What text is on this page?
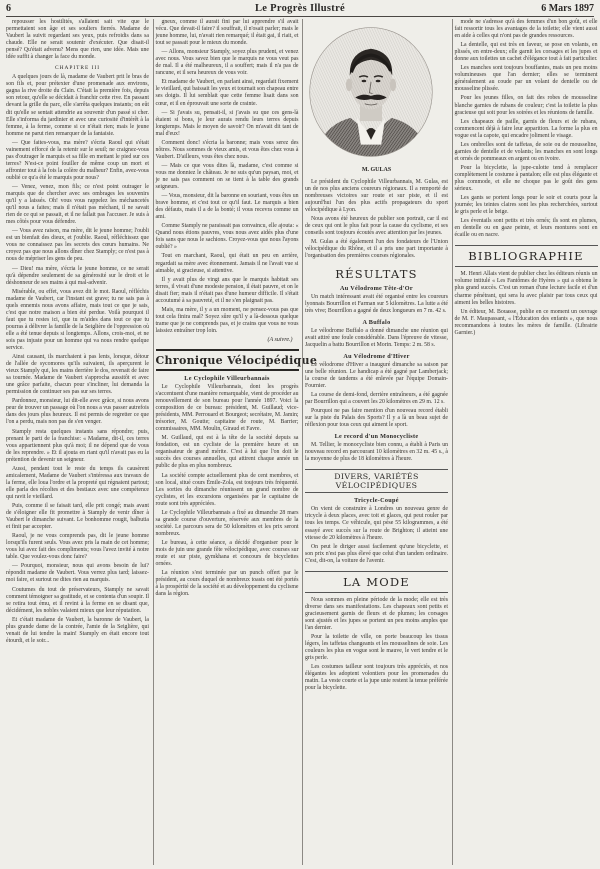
6	Le Progrès Illustré	6 Mars 1897

repousser les hostilités, s'allaient sait vite que le permettaient son âge et ses souliers fierrés. Madame de Vaubert la suivit regardant ses yeux, puis refroidis dans sa chaude. Elle ne serait soutenir d'exécuter. Que disait-il pensé? Qu'était advenu? Mens que rien, une idée. Mais une idée suffit à changer la face du monde.

CHAPITRE III

A quelques jours de là, madame de Vaubert prit le bras de son fils et, pour prétexter d'une promenade aux environs, gagna la rive droite du Clain. C'était la première fois, depuis son retour, qu'elle se décidait à franchir cette rive. En passant devant la grille du parc, elle s'arrêta quelques instants; on eût dit qu'elle se sentait attendrie au souvenir d'un passé si cher. Elle s'informa du jardinier et avec une curiosité d'intérêt à la femme, à la ferme, comme si ce n'était rien; mais le jeune homme ne parut rien remarquer de la fantaisie.

— Que faites-vous, ma mère? s'écria Raoul qui s'était vainement efforcé de la retenir sur le seuil; ne craignez-vous pas d'outrager le marquis et sa fille en mettant le pied sur ces terres? N'est-ce point fouiller de même coup un mort et affronter tout à la fois la colère du malheur? Enfin, avez-vous oublié ce qu'a été le marquis pour nous?

— Venez, venez, mon fils; ce n'est point outrager le marquis que de chercher avec ses ombrages les souvenirs qu'il y a laissés. Oh! vous vous rappelez les méchancetés qu'il nous a faites; mais il n'était pas méchant, il ne savait rien de ce qui se passait, et il ne fallait pas l'accuser. Je suis à mes côtés pour vous défendre.

— Vous avez raison, ma mère, dit le jeune homme; l'oubli est un bienfait des dieux, et j'oublie. Raoul, réfléchissez que vous ne connaissez pas les secrets des cœurs humains. Ne croyez pas que nous allons dîner chez Stamply; ce n'est pas à nous de mépriser les gens de peu.

— Dieu! ma mère, s'écria le jeune homme, ce ne serait qu'à dépendre seulement de sa générosité sur le droit et le déshonneur de ses mains à qui mal-advenir.

Misérable, ou effet, vous avez dit le mot. Raoul, réfléchis madame de Vaubert, car l'instant est grave; tu ne sais pas à quels ennemis nous avons affaire, mais tout ce que je sais, c'est que notre maison a bien été perdue. Voilà pourquoi il faut que tu restes ici, que tu m'aides dans tout ce que tu pourras à délivrer la famille de la Seiglière de l'oppression où elle a été tenue depuis si longtemps. Allons, crois-moi, et ne sois pas injuste pour un homme qui va nous rendre quelque service.

Ainsi causant, ils marchaient à pas lents, lorsque, détour de l'allée de sycomores qu'ils suivaient, ils aperçurent le vieux Stamply qui, les mains derrière le dos, revenait de faire sa tournée. Madame de Vaubert s'approcha aussitôt et avec une grâce parfaite, chacun pour s'incliner, lui demanda la permission de continuer ses pas sur ses terres.

Pardonnez, monsieur, lui dit-elle avec grâce, si nous avons peur de trouver un passage où l'on nous a vus passer autrefois dans des jours plus heureux. Il est permis de regretter ce que l'on a perdu, mais non pas de s'en venger.

Stamply resta quelques instants sans répondre; puis, prenant le parti de la franchise: « Madame, dit-il, ces terres vous appartiennent plus qu'à moi; il ne dépend que de vous de les reprendre. » Et il ajouta en riant qu'il n'avait pas eu la prétention de devenir un seigneur.

Aussi, pendant tout le reste du temps ils causèrent amicalement, Madame de Vaubert s'intéressa aux travaux de la ferme, elle loua l'ordre et la propreté qui régnaient partout; elle parla des récoltes et des bestiaux avec une compétence qui ravit le vieillard.

Puis, comme il se faisait tard, elle prit congé; mais avant de s'éloigner elle fit promettre à Stamply de venir dîner à Vaubert le dimanche suivant. Le bonhomme rougit, balbutia et finit par accepter.

Raoul, je ne vous comprends pas, dit le jeune homme lorsqu'ils furent seuls. Vous avez pris la main de cet homme; vous lui avez fait des compliments; vous l'avez invité à notre table. Que voulez-vous donc faire?

— Pourquoi, monsieur, nous qui avons besoin de lui? répondit madame de Vaubert. Vous verrez plus tard; laissez-moi faire, et surtout ne dites rien au marquis.

Coutumes du tout de préservateurs, Stamply ne savait comment témoigner sa gratitude, et se contenta d'un soupir. Il se retira tout ému, et il revint à la ferme en se disant que, décidément, les nobles valaient mieux que leur réputation.

Et c'était madame de Vaubert, la baronne de Vaubert, la plus grande dame de la contrée, l'amie de la Seiglière, qui venait de lui tendre la main! Stamply en était encore tout étourdi, et le soir...

gneux, comme il aurait fini par lui apprendre s'il avait vécu. Que devait-il faire? il souffrait, il n'osait parler; mais le jeune homme, lui, n'avait rien remarqué; il était gai, il riait, et tout se passait pour le mieux du monde.

— Allons, monsieur Stamply, soyez plus prudent, et venez avec nous. Vous savez bien que le marquis ne vous veut pas de mal. Il a été malheureux, il a souffert; mais il n'a pas de rancune, et il sera heureux de vous voir.

Et madame de Vaubert, en parlant ainsi, regardait fixement le vieillard, qui baissait les yeux et tournait son chapeau entre ses doigts. Il lui semblait que cette femme lisait dans son cœur, et il en éprouvait une sorte de crainte.

— Si j'avais su, pensait-il, si j'avais su que ces gens-là étaient si bons, je leur aurais rendu leurs terres depuis longtemps. Mais le moyen de savoir? On m'avait dit tant de mal d'eux!

Comment donc! s'écria la baronne; mais vous serez des nôtres. Nous sommes de vieux amis, et vous êtes chez vous à Vaubert. D'ailleurs, vous êtes chez nous.

— Mais ce que vous dites là, madame, c'est comme si vous me donniez le château. Je ne suis qu'un paysan, moi, et je ne sais pas comment on se tient à la table des grands seigneurs.

— Vous, monsieur, dit la baronne en souriant, vous êtes un brave homme, et c'est tout ce qu'il faut. Le marquis a bien des défauts, mais il a de la bonté; il vous recevra comme un ami.

Comme Stamply ne paraissait pas convaincu, elle ajouta: « Quand nous étions pauvres, vous nous avez aidés plus d'une fois sans que nous le sachions. Croyez-vous que nous l'ayons oublié? »

Tout en marchant, Raoul, qui était un peu en arrière, regardait sa mère avec étonnement. Jamais il ne l'avait vue si aimable, si gracieuse, si attentive.

Il y avait plus de vingt ans que le marquis habitait ses terres, il vivait d'une modeste pension, il était pauvre, et on le disait fier; mais il n'était pas d'une humeur difficile. Il s'était accoutumé à sa pauvreté, et il ne s'en plaignait pas.

Mais, ma mère, il y a un moment, ne pensez-vous pas que tout cela finira mal? Soyez sûre qu'il y a là-dessous quelque trame que je ne comprends pas, et je crains que vous ne vous laissiez entraîner trop loin.

(A suivre.)
Chronique Vélocipédique
Le Cyclophile Villeurbannais

Le Cyclophile Villeurbannais, dont les progrès s'accentuent d'une manière remarquable, vient de procéder au renouvellement de son bureau pour l'année 1897. Voici la composition de ce bureau: président, M. Guillaud; vice-présidents, MM. Perrouard et Bourgeot; secrétaire, M. Jamin; trésorier, M. Goutte; capitaine de route, M. Barrier; commissaires, MM. Moulin, Giraud et Favre.

M. Guillaud, qui est à la tête de la société depuis sa fondation, est un cycliste de la première heure et un organisateur de grand mérite. C'est à lui que l'on doit le succès des courses annuelles, qui attirent chaque année un public de plus en plus nombreux.

La société compte actuellement plus de cent membres, et son local, situé cours Émile-Zola, est toujours très fréquenté. Les sorties du dimanche réunissent un grand nombre de cyclistes, et les excursions organisées par le capitaine de route sont très appréciées.

Le Cyclophile Villeurbannais a fixé au dimanche 28 mars sa grande course d'ouverture, réservée aux membres de la société. Le parcours sera de 50 kilomètres et les prix seront nombreux.

Le bureau, à cette séance, a décidé d'organiser pour le mois de juin une grande fête vélocipédique, avec courses sur route et sur piste, gymkhana et concours de bicyclettes ornées.

La réunion s'est terminée par un punch offert par le président, au cours duquel de nombreux toasts ont été portés à la prospérité de la société et au développement du cyclisme dans la région.

M. GULAS

Le président du Cyclophile Villeurbannais, M. Gulas, est un de nos plus anciens coureurs régionaux. Il a remporté de nombreuses victoires sur route et sur piste, et il est aujourd'hui l'un des plus actifs propagateurs du sport vélocipédique à Lyon.

Nous avons été heureux de publier son portrait, car il est de ceux qui ont le plus fait pour la cause du cyclisme, et ses conseils sont toujours écoutés avec attention par les jeunes.

M. Gulas a été également l'un des fondateurs de l'Union vélocipédique du Rhône, et il a pris une part importante à l'organisation des premières courses régionales.

RÉSULTATS
Au Vélodrome Tête-d'Or

Un match intéressant avait été organisé entre les coureurs lyonnais Bourrillon et Farman sur 5 kilomètres. La lutte a été très vive; Bourrillon a gagné de deux longueurs en 7 m. 42 s.

A Buffalo

Le vélodrome Buffalo a donné dimanche une réunion qui avait attiré une foule considérable. Dans l'épreuve de vitesse, Jacquelin a battu Bourrillon et Morin. Temps: 2 m. 58 s.

Au Vélodrome d'Hiver

Le vélodrome d'Hiver a inauguré dimanche sa saison par une belle réunion. Le handicap a été gagné par Lamberjack; la course de tandems a été enlevée par l'équipe Domain-Fournier.

La course de demi-fond, derrière entraîneurs, a été gagnée par Bourrillon qui a couvert les 20 kilomètres en 29 m. 12 s.

Pourquoi ne pas faire mention d'un nouveau record établi sur la piste du Palais des Sports? Il y a là un beau sujet de réflexion pour tous ceux qui aiment le sport.

Le record d'un Monocycliste

M. Tellier, le monocycliste bien connu, a établi à Paris un nouveau record en parcourant 10 kilomètres en 32 m. 45 s., à la moyenne de plus de 18 kilomètres à l'heure.

DIVERS, VARIÉTÉS VÉLOCIPÉDIQUES
Tricycle-Coupé

On vient de construire à Londres un nouveau genre de tricycle à deux places, avec toit et glaces, qui peut rouler par tous les temps. Ce véhicule, qui pèse 55 kilogrammes, a été essayé avec succès sur la route de Brighton; il atteint une vitesse de 20 kilomètres à l'heure.

On peut le diriger aussi facilement qu'une bicyclette, et son prix n'est pas plus élevé que celui d'un tandem ordinaire. C'est, dit-on, la voiture de l'avenir.

LA MODE

Nous sommes en pleine période de la mode; elle est très diverse dans ses manifestations. Les chapeaux sont petits et gracieusement garnis de fleurs et de plumes; les corsages sont ajustés et les jupes se portent un peu moins amples que l'an dernier.

Pour la toilette de ville, on porte beaucoup les tissus légers, les taffetas changeants et les mousselines de soie. Les couleurs les plus en vogue sont le mauve, le vert tendre et le gris perle.

Les costumes tailleur sont toujours très appréciés, et nos élégantes les adoptent volontiers pour les promenades du matin. La veste courte et la jupe unie restent la tenue préférée pour la bicyclette.

mode ne s'adresse qu'à des femmes d'un bon goût, et elle fait ressortir tous les avantages de la toilette; elle vient aussi en aide à celles qui n'ont pas de grandes ressources.

La dentelle, qui est très en faveur, se pose en volants, en plissés, en entre-deux; elle garnit les corsages et les jupes et donne aux toilettes un cachet d'élégance tout à fait particulier.

Les manches sont toujours bouffantes, mais un peu moins volumineuses que l'an dernier; elles se terminent généralement au coude par un volant de dentelle ou de mousseline plissée.

Pour les jeunes filles, on fait des robes de mousseline blanche garnies de rubans de couleur; c'est la toilette la plus gracieuse qui soit pour les soirées et les réunions de famille.

Les chapeaux de paille, garnis de fleurs et de rubans, commencent déjà à faire leur apparition. La forme la plus en vogue est la capote, qui encadre joliment le visage.

Les ombrelles sont de taffetas, de soie ou de mousseline, garnies de dentelle et de volants; les manches en sont longs et ornés de pommeaux en argent ou en ivoire.

Pour la bicyclette, la jupe-culotte tend à remplacer complètement le costume à pantalon; elle est plus élégante et plus commode, et elle ne choque pas le goût des gens sérieux.

Les gants se portent longs pour le soir et courts pour la journée; les teintes claires sont les plus recherchées, surtout le gris perle et le beige.

Les éventails sont petits et très ornés; ils sont en plumes, en dentelle ou en gaze peinte, et leurs montures sont en écaille ou en nacre.

BIBLIOGRAPHIE

M. Henri Allais vient de publier chez les éditeurs réunis un volume intitulé « Les Fantômes de Hyères » qui a obtenu le plus grand succès. C'est un roman d'une lecture facile et d'un charme pénétrant, qui sera lu avec plaisir par tous ceux qui aiment les belles histoires.

Un éditeur, M. Bouasse, publie en ce moment un ouvrage de M. F. Maupassant, « l'Éducation des enfants », que nous recommandons à toutes les mères de famille. (Librairie Garnier.)
